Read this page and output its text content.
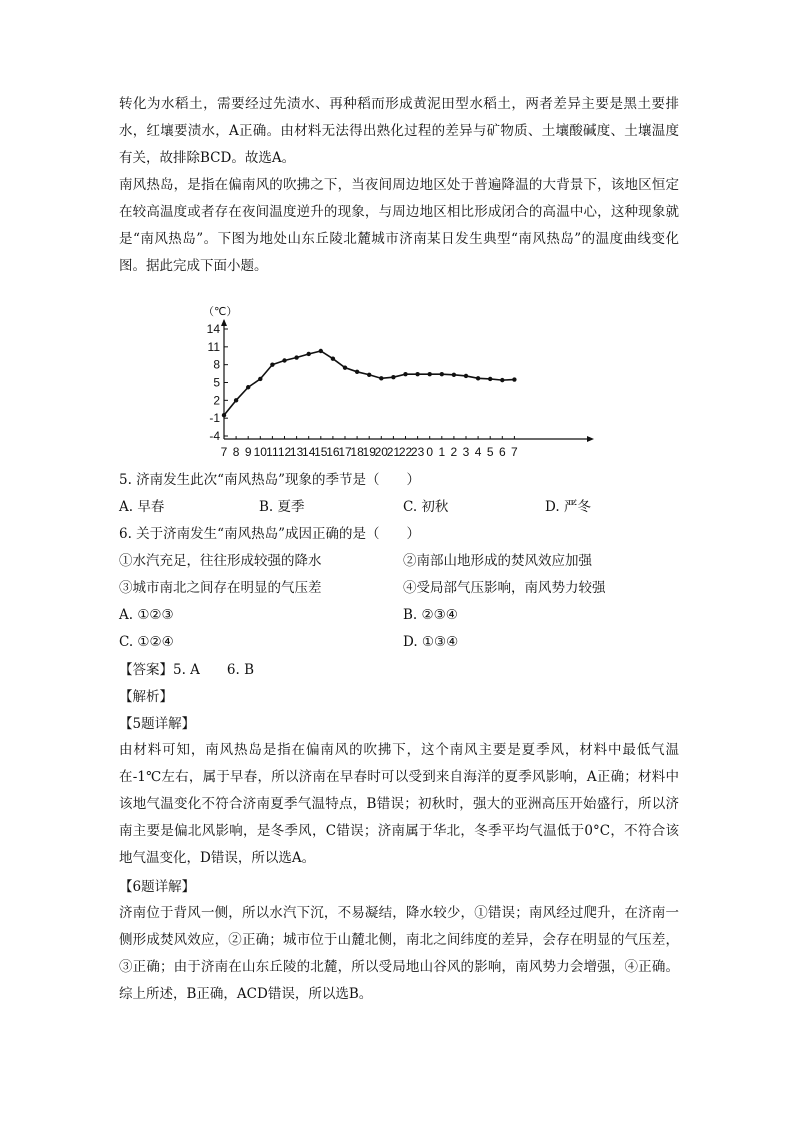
转化为水稻土，需要经过先渍水、再种稻而形成黄泥田型水稻土，两者差异主要是黑土要排水，红壤要渍水，A正确。由材料无法得出熟化过程的差异与矿物质、土壤酸碱度、土壤温度有关，故排除BCD。故选A。
南风热岛，是指在偏南风的吹拂之下，当夜间周边地区处于普遍降温的大背景下，该地区恒定在较高温度或者存在夜间温度逆升的现象，与周边地区相比形成闭合的高温中心，这种现象就是“南风热岛”。下图为地处山东丘陵北麓城市济南某日发生典型“南风热岛”的温度曲线变化图。据此完成下面小题。
14
11
8
5
2
-1
-4
7 8 9 10 11 12
13
14
15
16
17
18
19
20
21
22
23 0 1 2 3 4 5 6 7
（℃）
5. 济南发生此次“南风热岛”现象的季节是（　　）
A. 早春	B. 夏季	C. 初秋	D. 严冬
6. 关于济南发生“南风热岛”成因正确的是（　　）
①水汽充足，往往形成较强的降水	②南部山地形成的焚风效应加强
③城市南北之间存在明显的气压差	④受局部气压影响，南风势力较强
A. ①②③	B. ②③④
C. ①②④	D. ①③④
【答案】5. A　　6. B
【解析】
【5题详解】
由材料可知，南风热岛是指在偏南风的吹拂下，这个南风主要是夏季风，材料中最低气温在-1℃左右，属于早春，所以济南在早春时可以受到来自海洋的夏季风影响，A正确；材料中该地气温变化不符合济南夏季气温特点，B错误；初秋时，强大的亚洲高压开始盛行，所以济南主要是偏北风影响，是冬季风，C错误；济南属于华北，冬季平均气温低于0°C，不符合该地气温变化，D错误，所以选A。
【6题详解】
济南位于背风一侧，所以水汽下沉，不易凝结，降水较少，①错误；南风经过爬升，在济南一侧形成焚风效应，②正确；城市位于山麓北侧，南北之间纬度的差异，会存在明显的气压差，③正确；由于济南在山东丘陵的北麓，所以受局地山谷风的影响，南风势力会增强，④正确。综上所述，B正确，ACD错误，所以选B。
